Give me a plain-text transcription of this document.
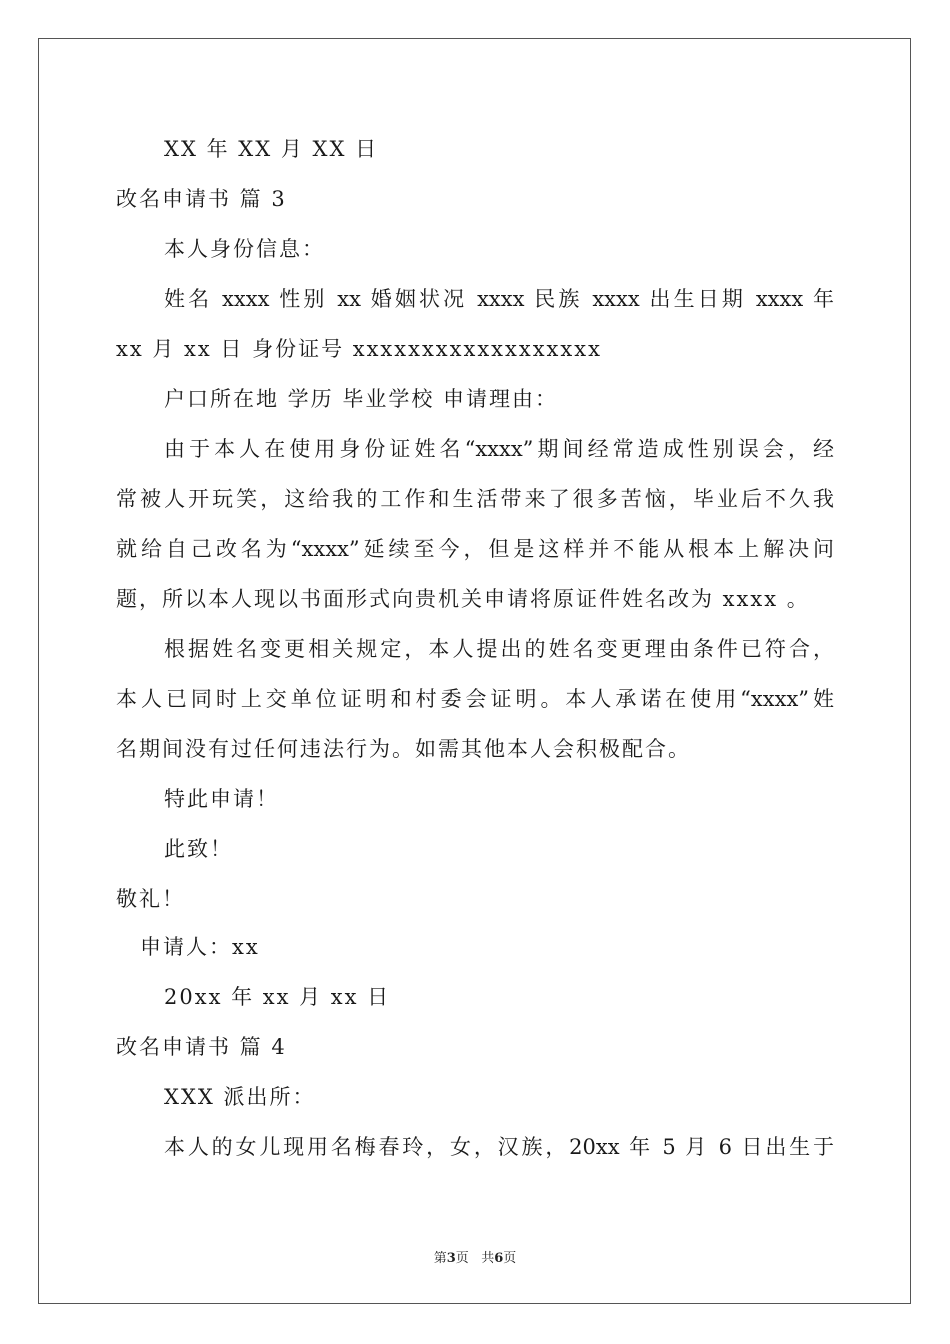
XX 年 XX 月 XX 日
改名申请书 篇 3
本人身份信息：
姓名 xxxx 性别 xx 婚姻状况 xxxx 民族 xxxx 出生日期 xxxx 年
xx 月 xx 日 身份证号 xxxxxxxxxxxxxxxxxx
户口所在地 学历 毕业学校 申请理由：
由于本人在使用身份证姓名“xxxx”期间经常造成性别误会，经
常被人开玩笑，这给我的工作和生活带来了很多苦恼，毕业后不久我
就给自己改名为“xxxx”延续至今，但是这样并不能从根本上解决问
题，所以本人现以书面形式向贵机关申请将原证件姓名改为 xxxx 。
根据姓名变更相关规定，本人提出的姓名变更理由条件已符合，
本人已同时上交单位证明和村委会证明。本人承诺在使用“xxxx”姓
名期间没有过任何违法行为。如需其他本人会积极配合。
特此申请！
此致！
敬礼！
申请人：xx
20xx 年 xx 月 xx 日
改名申请书 篇 4
XXX 派出所：
本人的女儿现用名梅春玲，女，汉族，20xx 年 5 月 6 日出生于
第3页 共6页
